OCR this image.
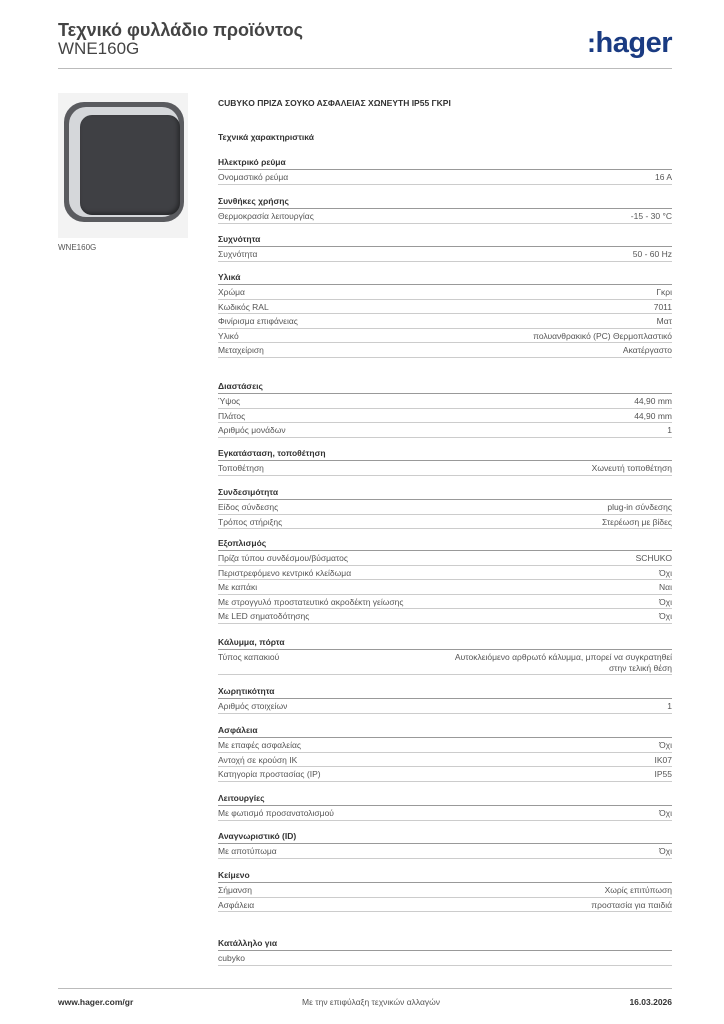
Τεχνικό φυλλάδιο προϊόντος
WNE160G	:hager
WNE160G
CUBYKO ΠΡΙΖΑ ΣΟΥΚΟ ΑΣΦΑΛΕΙΑΣ ΧΩΝΕΥΤΗ IP55 ΓΚΡΙ
Τεχνικά χαρακτηριστικά
Ηλεκτρικό ρεύμα
Ονομαστικό ρεύμα	16 A
Συνθήκες χρήσης
Θερμοκρασία λειτουργίας	-15 - 30 °C
Συχνότητα
Συχνότητα	50 - 60 Hz
Υλικά
Χρώμα	Γκρι
Κωδικός RAL	7011
Φινίρισμα επιφάνειας	Ματ
Υλικό	πολυανθρακικό (PC) Θερμοπλαστικό
Μεταχείριση	Ακατέργαστο
Διαστάσεις
Ύψος	44,90 mm
Πλάτος	44,90 mm
Αριθμός μονάδων	1
Εγκατάσταση, τοποθέτηση
Τοποθέτηση	Χωνευτή τοποθέτηση
Συνδεσιμότητα
Είδος σύνδεσης	plug-in σύνδεσης
Τρόπος στήριξης	Στερέωση με βίδες
Εξοπλισμός
Πρίζα τύπου συνδέσμου/βύσματος	SCHUKO
Περιστρεφόμενο κεντρικό κλείδωμα	Όχι
Με καπάκι	Ναι
Με στρογγυλό προστατευτικό ακροδέκτη γείωσης	Όχι
Με LED σηματοδότησης	Όχι
Κάλυμμα, πόρτα
Τύπος καπακιού	Αυτοκλειόμενο αρθρωτό κάλυμμα, μπορεί να συγκρατηθεί στην τελική θέση
Χωρητικότητα
Αριθμός στοιχείων	1
Ασφάλεια
Με επαφές ασφαλείας	Όχι
Αντοχή σε κρούση IK	IK07
Κατηγορία προστασίας (IP)	IP55
Λειτουργίες
Με φωτισμό προσανατολισμού	Όχι
Αναγνωριστικό (ID)
Με αποτύπωμα	Όχι
Κείμενο
Σήμανση	Χωρίς επιτύπωση
Ασφάλεια	προστασία για παιδιά
Κατάλληλο για
cubyko
www.hager.com/gr	Με την επιφύλαξη τεχνικών αλλαγών	16.03.2026
